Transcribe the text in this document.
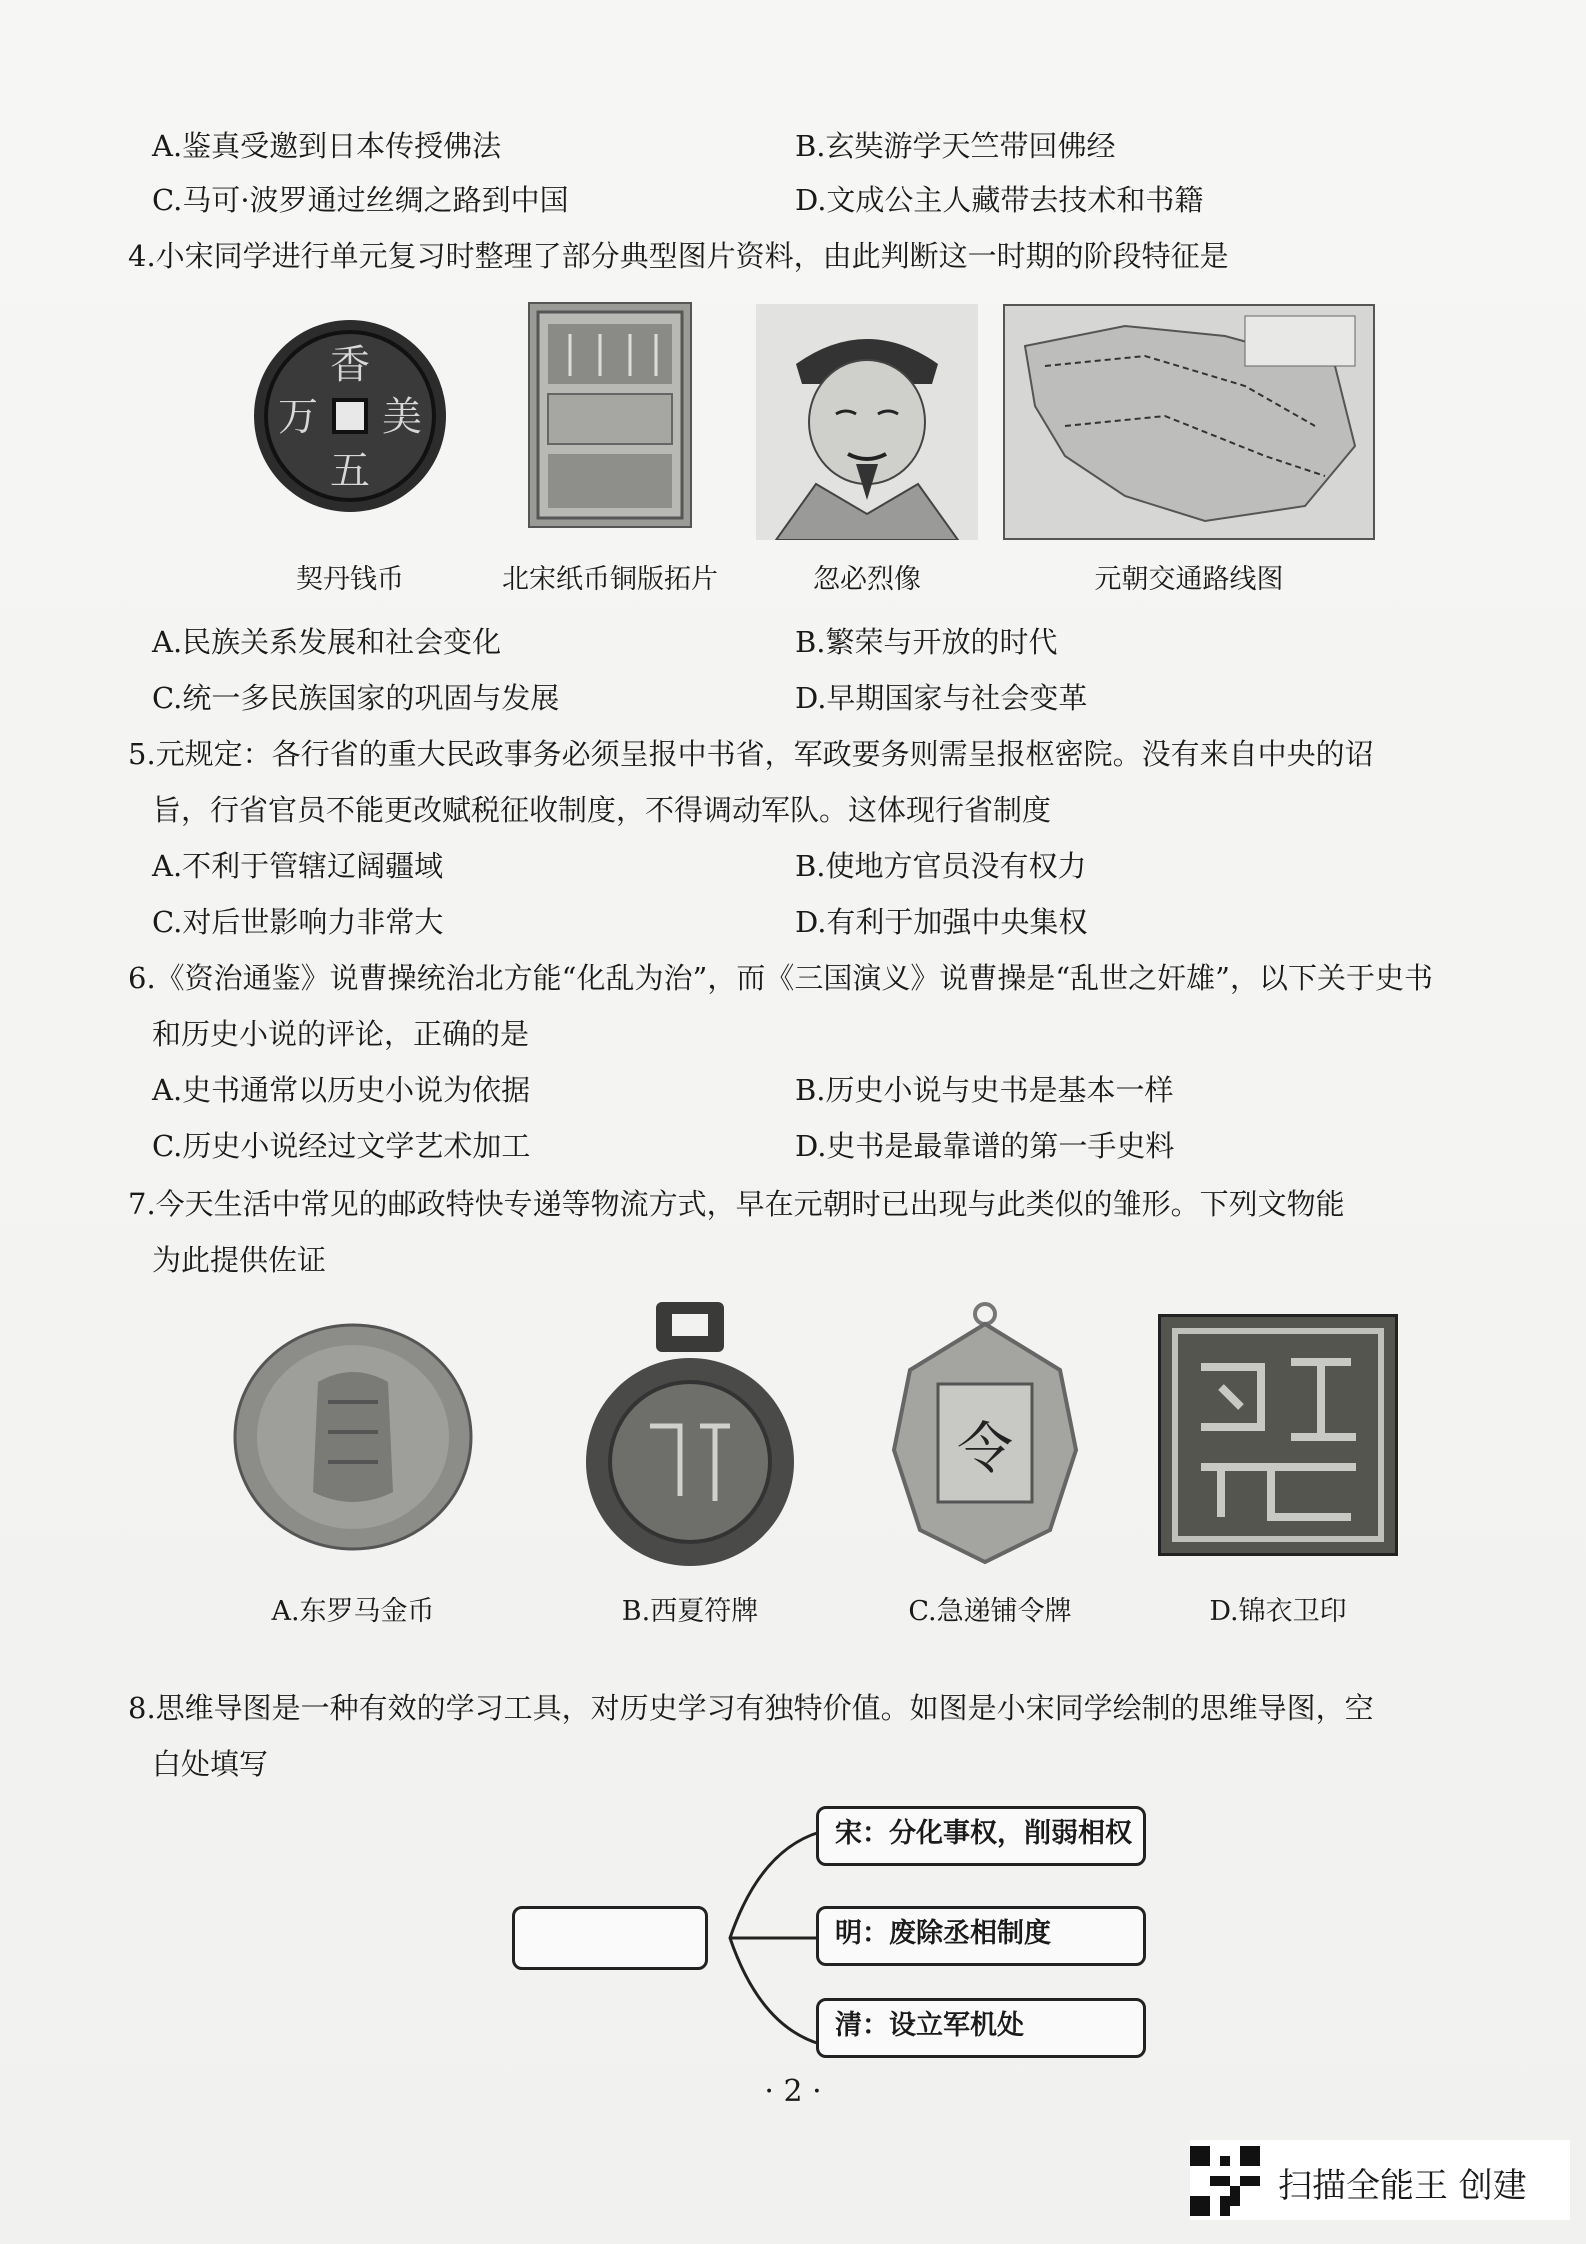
A.鉴真受邀到日本传授佛法	B.玄奘游学天竺带回佛经
C.马可·波罗通过丝绸之路到中国	D.文成公主人藏带去技术和书籍
4.小宋同学进行单元复习时整理了部分典型图片资料，由此判断这一时期的阶段特征是
香
万 美
五
契丹钱币	北宋纸币铜版拓片	忽必烈像	元朝交通路线图
A.民族关系发展和社会变化	B.繁荣与开放的时代
C.统一多民族国家的巩固与发展	D.早期国家与社会变革
5.元规定：各行省的重大民政事务必须呈报中书省，军政要务则需呈报枢密院。没有来自中央的诏
旨，行省官员不能更改赋税征收制度，不得调动军队。这体现行省制度
A.不利于管辖辽阔疆域	B.使地方官员没有权力
C.对后世影响力非常大	D.有利于加强中央集权
6.《资治通鉴》说曹操统治北方能“化乱为治”，而《三国演义》说曹操是“乱世之奸雄”，以下关于史书
和历史小说的评论，正确的是
A.史书通常以历史小说为依据	B.历史小说与史书是基本一样
C.历史小说经过文学艺术加工	D.史书是最靠谱的第一手史料
7.今天生活中常见的邮政特快专递等物流方式，早在元朝时已出现与此类似的雏形。下列文物能
为此提供佐证
令
A.东罗马金币	B.西夏符牌	C.急递铺令牌	D.锦衣卫印
8.思维导图是一种有效的学习工具，对历史学习有独特价值。如图是小宋同学绘制的思维导图，空
白处填写
宋：分化事权，削弱相权
明：废除丞相制度
清：设立军机处
· 2 ·
扫描全能王 创建
